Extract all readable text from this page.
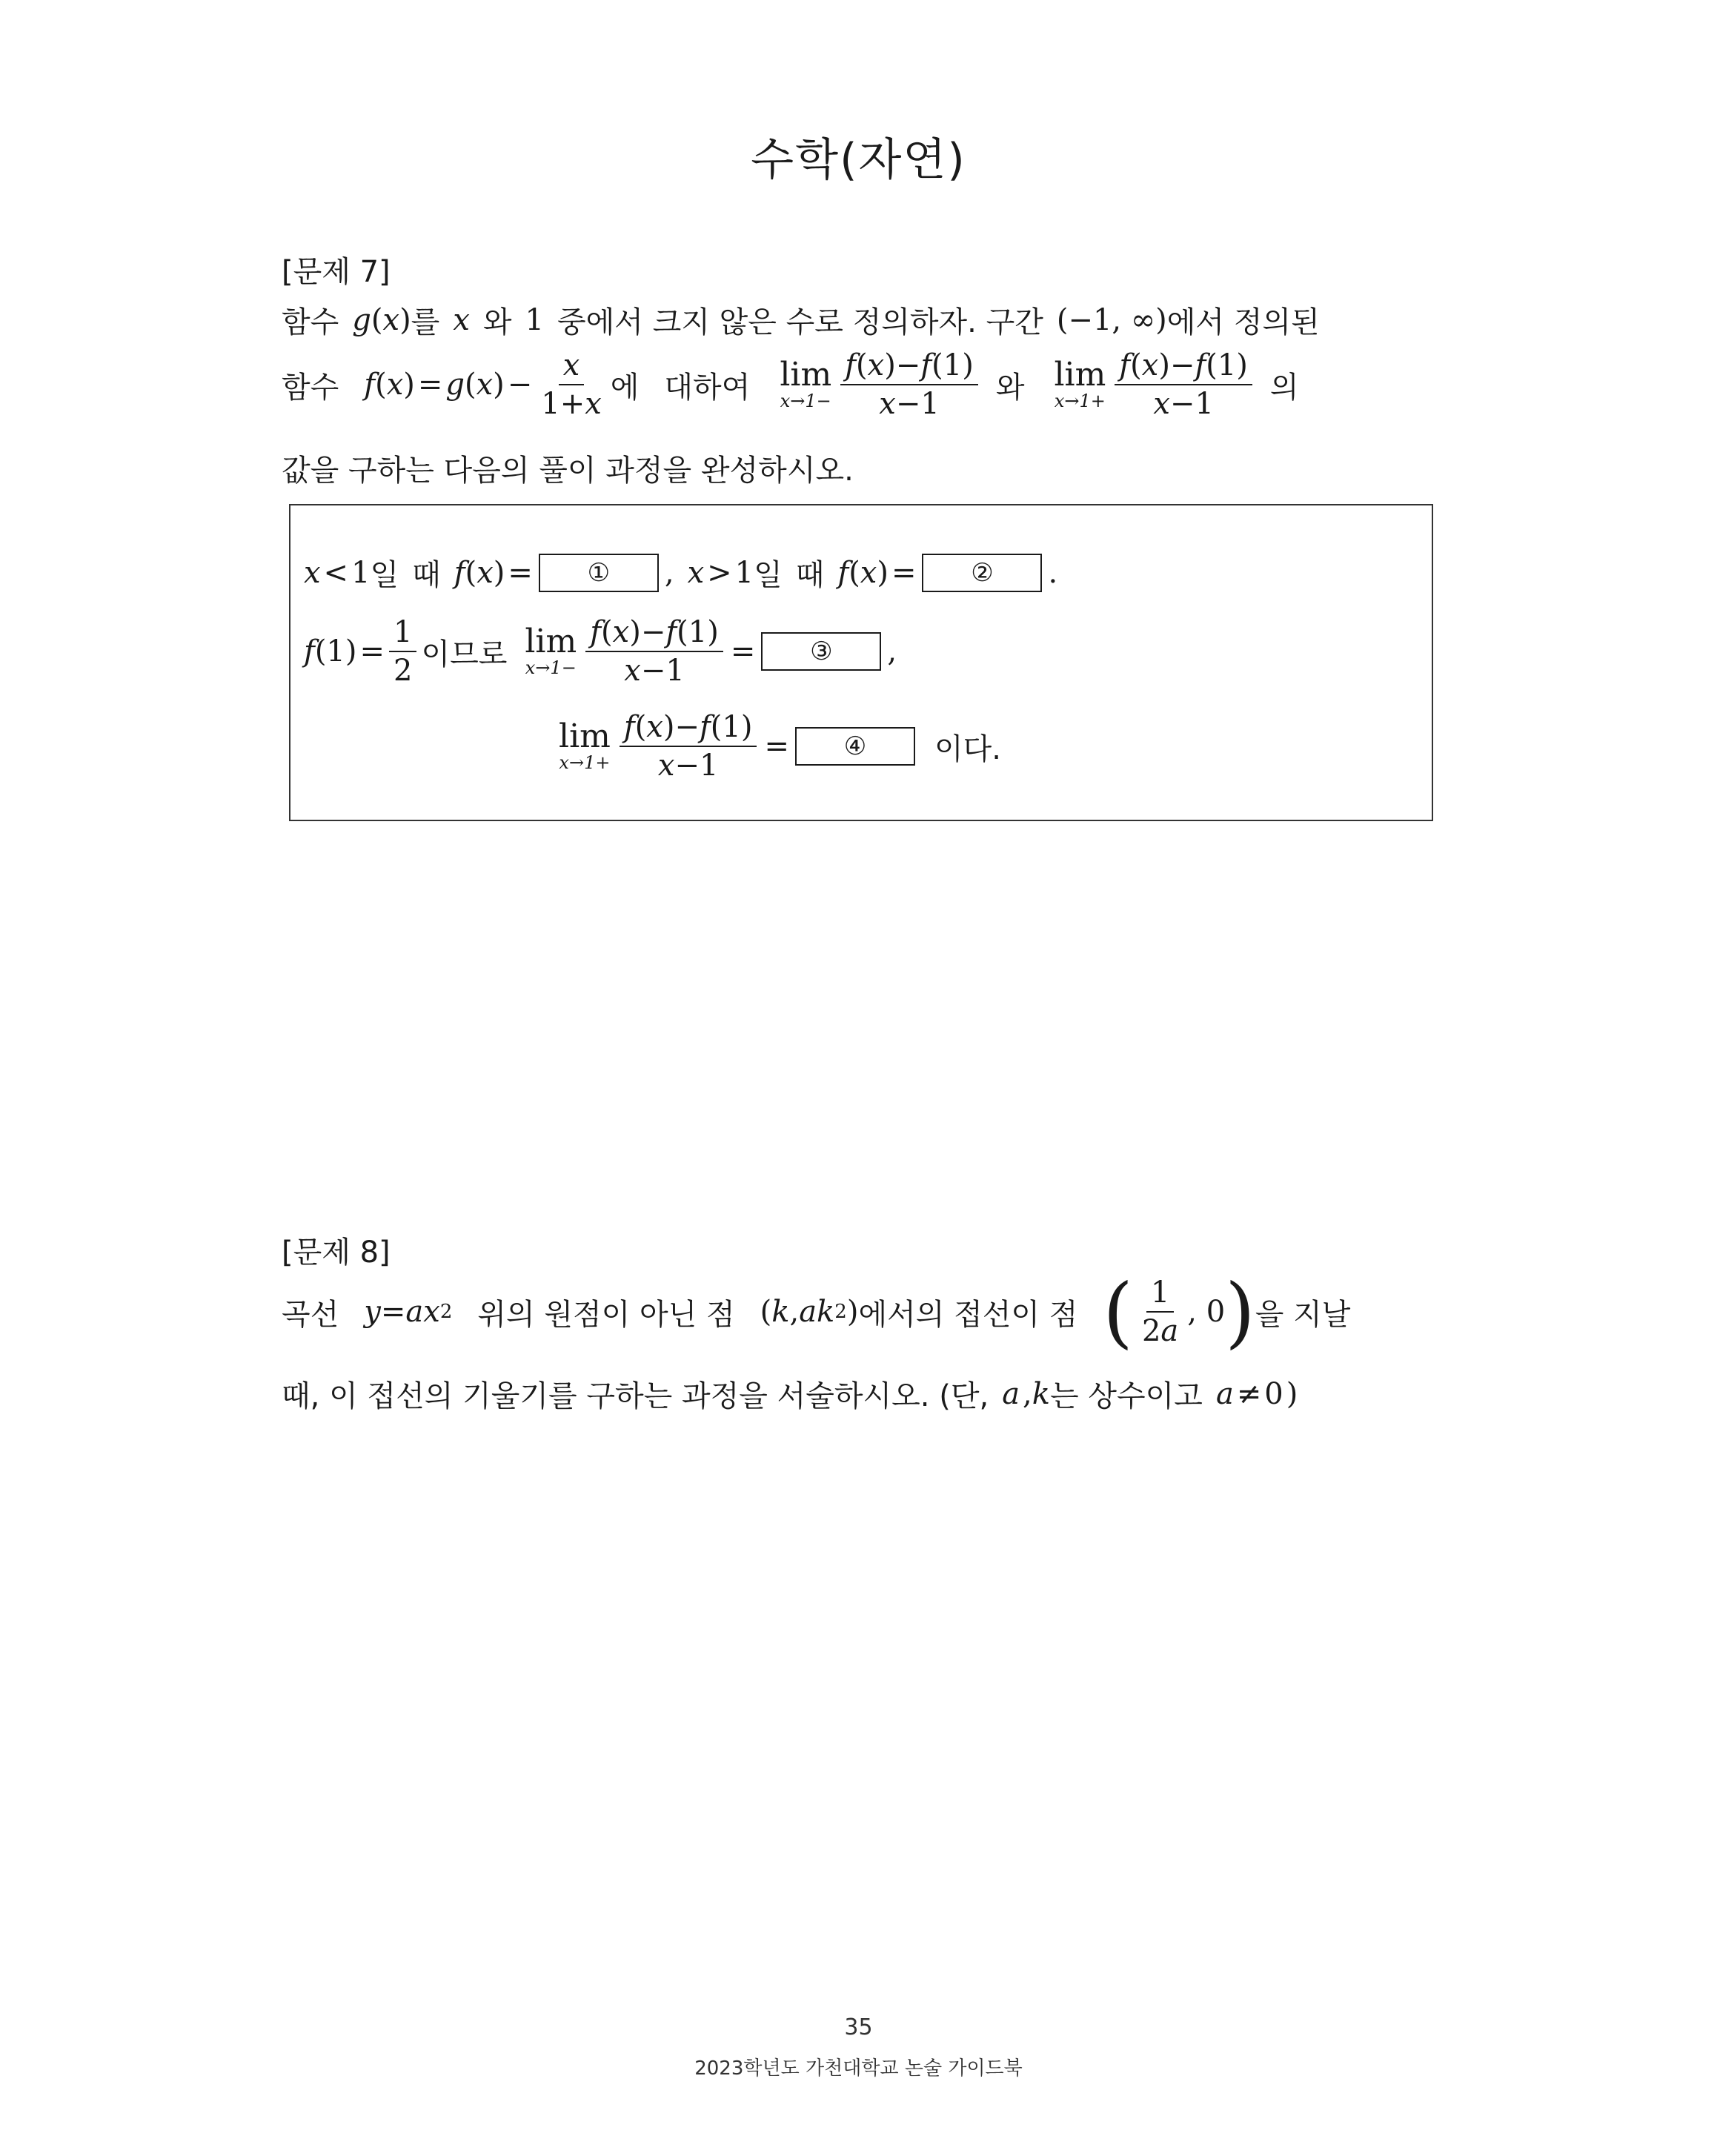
수학(자연)
[문제 7]
함수 g ( x ) 를 x 와 1 중에서 크지 않은 수로 정의하자. 구간 (−1, ∞) 에서 정의된
함수 f ( x ) =  g ( x ) − $\frac{x}{1+x}$ 에 대하여 lim
$x\to 1- \frac{f(x)-f(1)}{x-1}$ 와 lim
$x\to 1+ \frac{f(x)-f(1)}{x-1}$ 의
값을 구하는 다음의 풀이 과정을 완성하시오.
x  < 1 일 때 f ( x ) =	①	, x  > 1 일 때 f ( x ) =	②	.
f (1) = $\frac{1}{2}$ 이므로 lim
$x\to 1- \frac{f(x)-f(1)}{x-1}$  =	③	,
lim
$x\to 1+ \frac{f(x)-f(1)}{x-1}$  =	④	이다.
[문제 8]
곡선 y = ax 2 위의 원점이 아닌 점 ( k , ak 2 ) 에서의 접선이 점 ( $\frac{1}{2a}$ , 0 ) 을 지날
때, 이 접선의 기울기를 구하는 과정을 서술하시오. (단, a  , k 는 상수이고 a  ≠ 0 )
35
2023학년도 가천대학교 논술 가이드북
